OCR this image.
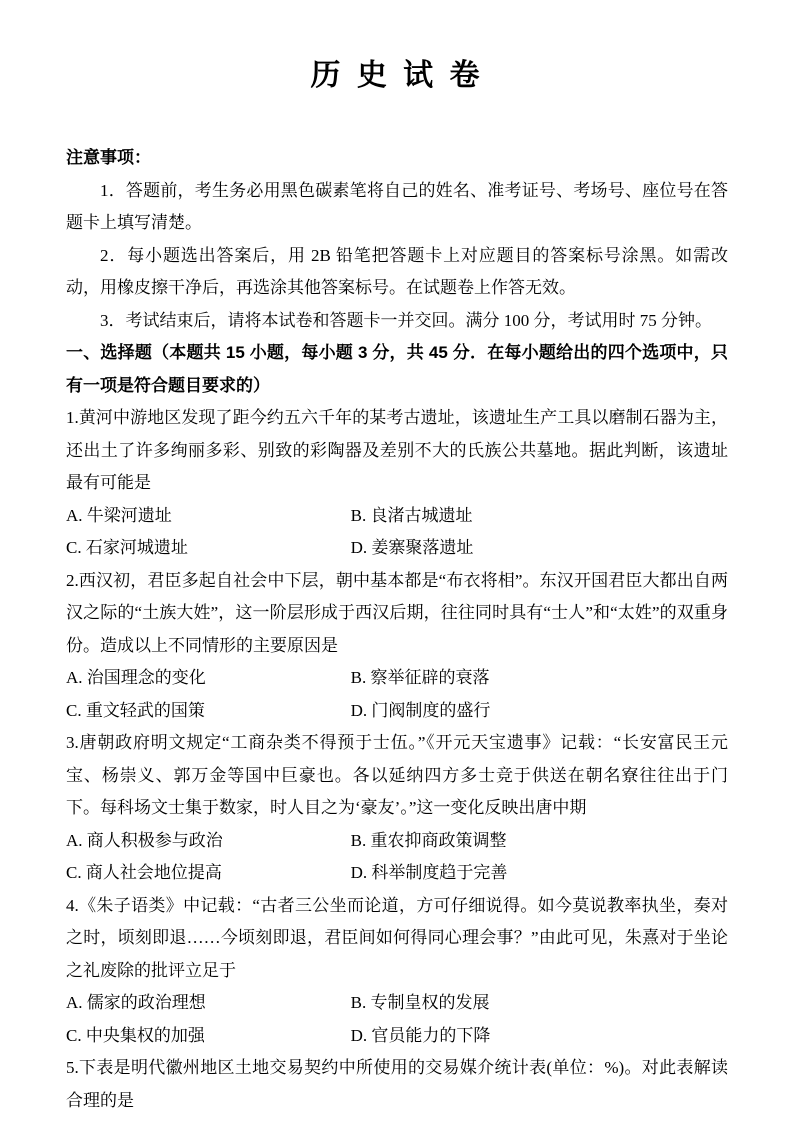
历 史 试 卷

注意事项：

1．答题前，考生务必用黑色碳素笔将自己的姓名、准考证号、考场号、座位号在答题卡上填写清楚。

2．每小题选出答案后，用 2B 铅笔把答题卡上对应题目的答案标号涂黑。如需改动，用橡皮擦干净后，再选涂其他答案标号。在试题卷上作答无效。

3．考试结束后，请将本试卷和答题卡一并交回。满分 100 分，考试用时 75 分钟。

一、选择题（本题共 15 小题，每小题 3 分，共 45 分．在每小题给出的四个选项中，只有一项是符合题目要求的）

1.黄河中游地区发现了距今约五六千年的某考古遗址，该遗址生产工具以磨制石器为主，还出土了许多绚丽多彩、别致的彩陶器及差别不大的氏族公共墓地。据此判断，该遗址最有可能是

A. 牛梁河遗址	B. 良渚古城遗址
C. 石家河城遗址	D. 姜寨聚落遗址

2.西汉初，君臣多起自社会中下层，朝中基本都是“布衣将相”。东汉开国君臣大都出自两汉之际的“土族大姓”，这一阶层形成于西汉后期，往往同时具有“士人”和“太姓”的双重身份。造成以上不同情形的主要原因是

A. 治国理念的变化	B. 察举征辟的衰落
C. 重文轻武的国策	D. 门阀制度的盛行

3.唐朝政府明文规定“工商杂类不得预于士伍。”《开元天宝遗事》记载：“长安富民王元宝、杨崇义、郭万金等国中巨豪也。各以延纳四方多士竞于供送在朝名寮往往出于门下。每科场文士集于数家，时人目之为‘豪友’。”这一变化反映出唐中期

A. 商人积极参与政治	B. 重农抑商政策调整
C. 商人社会地位提高	D. 科举制度趋于完善

4.《朱子语类》中记载：“古者三公坐而论道，方可仔细说得。如今莫说教率执坐，奏对之时，顷刻即退……今顷刻即退，君臣间如何得同心理会事？”由此可见，朱熹对于坐论之礼废除的批评立足于

A. 儒家的政治理想	B. 专制皇权的发展
C. 中央集权的加强	D. 官员能力的下降

5.下表是明代徽州地区土地交易契约中所使用的交易媒介统计表(单位：%)。对此表解读合理的是
